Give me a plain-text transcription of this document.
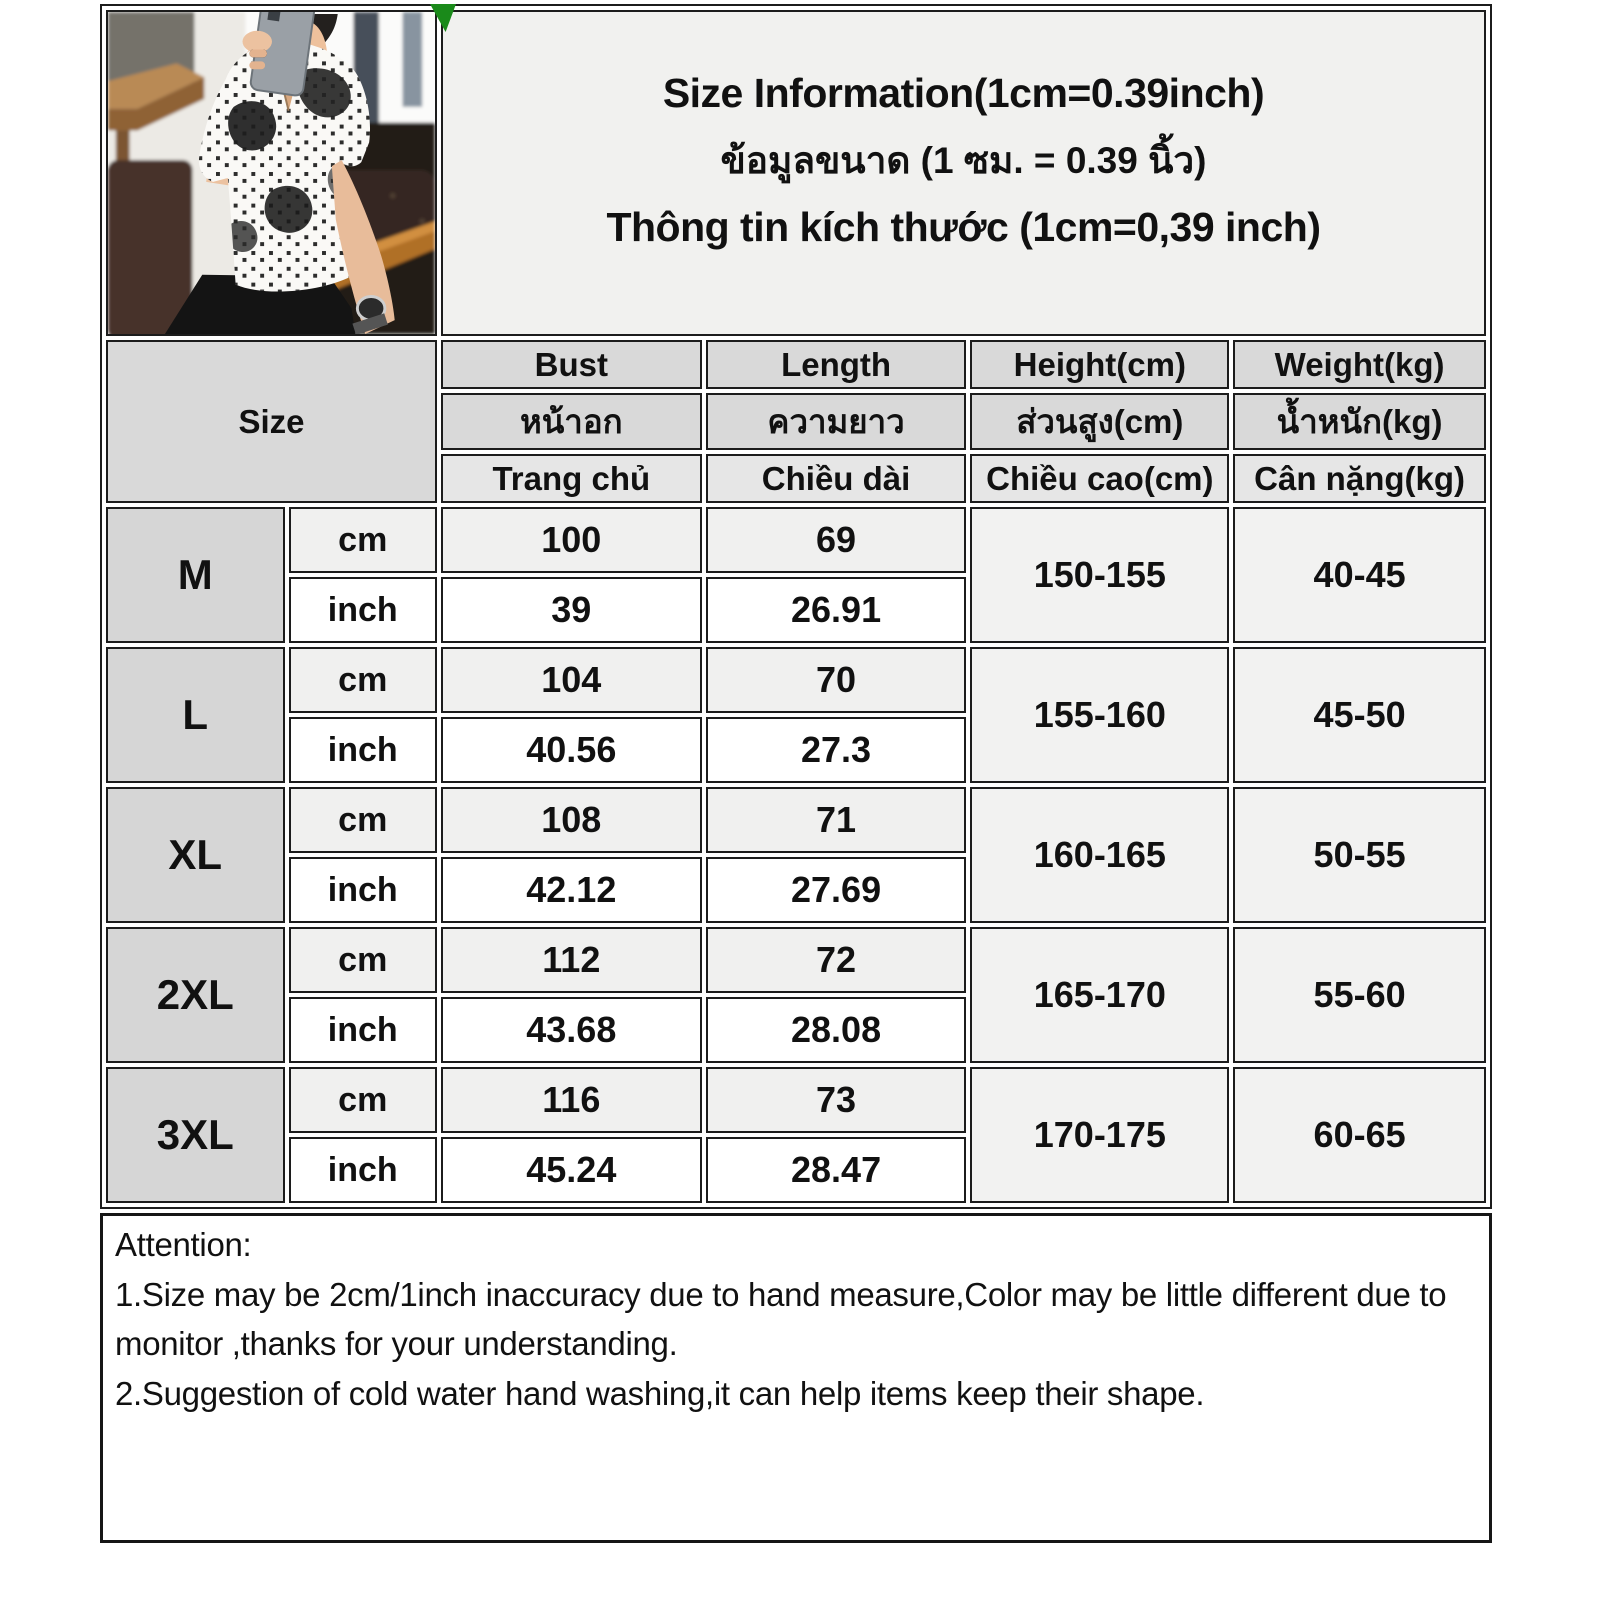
Size Information(1cm=0.39inch)
ข้อมูลขนาด (1 ซม. = 0.39 นิ้ว)
Thông tin kích thước (1cm=0,39 inch)			

Size		Bust	Length	Height(cm)	Weight(kg)
		หน้าอก	ความยาว	ส่วนสูง(cm)	น้ำหนัก(kg)
		Trang chủ	Chiều dài	Chiều cao(cm)	Cân nặng(kg)
M	cm	100	69	150-155	40-45
	inch	39	26.91		
L	cm	104	70	155-160	45-50
	inch	40.56	27.3		
XL	cm	108	71	160-165	50-55
	inch	42.12	27.69		
2XL	cm	112	72	165-170	55-60
	inch	43.68	28.08		
3XL	cm	116	73	170-175	60-65
	inch	45.24	28.47		

Attention:

1.Size may be 2cm/1inch inaccuracy due to hand measure,Color may be little different due to monitor ,thanks for your understanding.

2.Suggestion of cold water hand washing,it can help items keep their shape.
